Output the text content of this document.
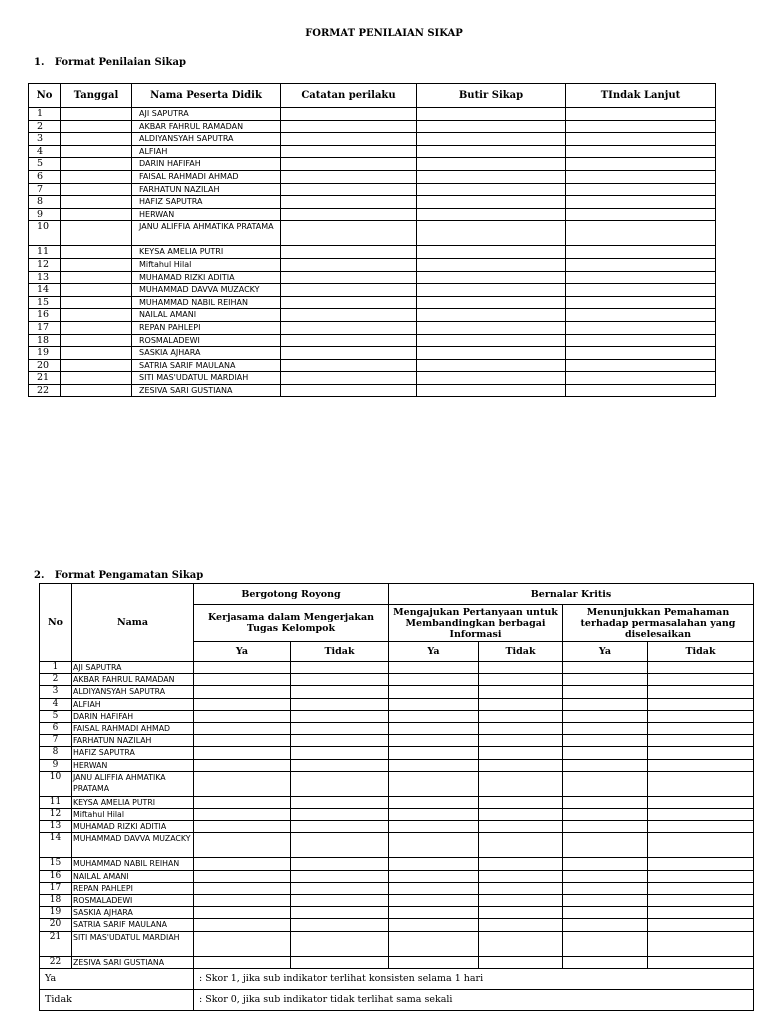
FORMAT PENILAIAN SIKAP
1.   Format Penilaian Sikap
No	Tanggal	Nama Peserta Didik	Catatan perilaku	Butir Sikap	TIndak Lanjut
1		AJI SAPUTRA			
2		AKBAR FAHRUL RAMADAN			
3		ALDIYANSYAH SAPUTRA			
4		ALFIAH			
5		DARIN HAFIFAH			
6		FAISAL RAHMADI AHMAD			
7		FARHATUN NAZILAH			
8		HAFIZ SAPUTRA			
9		HERWAN			
10		JANU ALIFFIA AHMATIKA PRATAMA			
11		KEYSA AMELIA PUTRI			
12		Miftahul Hilal			
13		MUHAMAD RIZKI ADITIA			
14		MUHAMMAD DAVVA MUZACKY			
15		MUHAMMAD NABIL REIHAN			
16		NAILAL AMANI			
17		REPAN PAHLEPI			
18		ROSMALADEWI			
19		SASKIA AJHARA			
20		SATRIA SARIF MAULANA			
21		SITI MAS'UDATUL MARDIAH			
22		ZESIVA SARI GUSTIANA			
2.   Format Pengamatan Sikap
No	Nama	Bergotong Royong		Bernalar Kritis			
		Kerjasama dalam Mengerjakan Tugas Kelompok		Mengajukan Pertanyaan untuk Membandingkan berbagai Informasi		Menunjukkan Pemahaman terhadap permasalahan yang diselesaikan	
		Ya	Tidak	Ya	Tidak	Ya	Tidak
1	AJI SAPUTRA						
2	AKBAR FAHRUL RAMADAN						
3	ALDIYANSYAH SAPUTRA						
4	ALFIAH						
5	DARIN HAFIFAH						
6	FAISAL RAHMADI AHMAD						
7	FARHATUN NAZILAH						
8	HAFIZ SAPUTRA						
9	HERWAN						
10	JANU ALIFFIA AHMATIKA PRATAMA						
11	KEYSA AMELIA PUTRI						
12	Miftahul Hilal						
13	MUHAMAD RIZKI ADITIA						
14	MUHAMMAD DAVVA MUZACKY						
15	MUHAMMAD NABIL REIHAN						
16	NAILAL AMANI						
17	REPAN PAHLEPI						
18	ROSMALADEWI						
19	SASKIA AJHARA						
20	SATRIA SARIF MAULANA						
21	SITI MAS'UDATUL MARDIAH						
22	ZESIVA SARI GUSTIANA						
Ya		: Skor 1, jika sub indikator terlihat konsisten selama 1 hari					
Tidak		: Skor 0, jika sub indikator tidak terlihat sama sekali					
